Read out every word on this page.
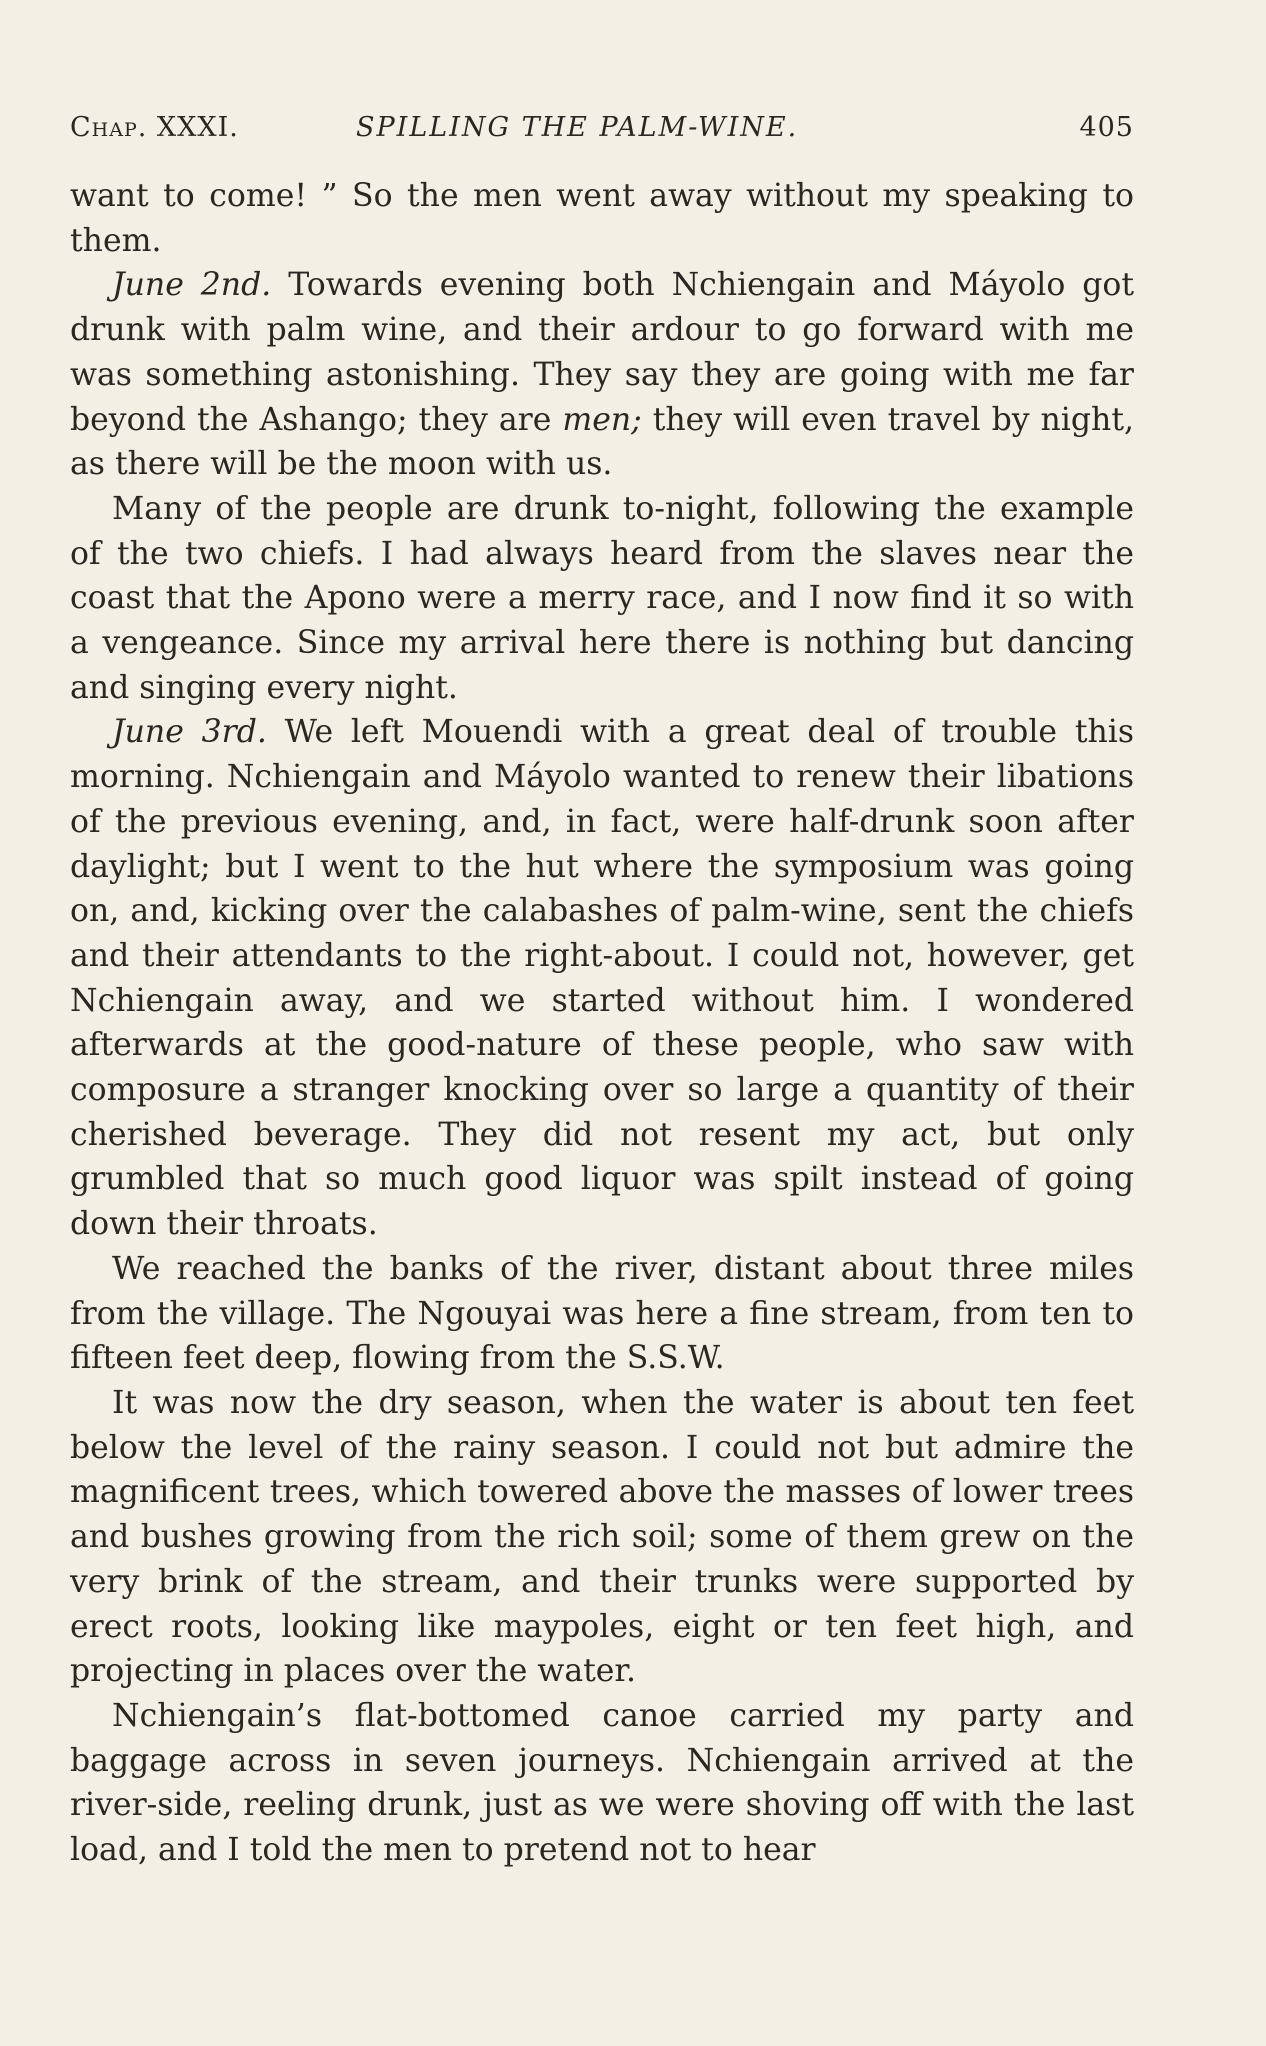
Chap. XXXI.	SPILLING THE PALM-WINE.	405

want to come! ” So the men went away without my speaking to them.

June 2nd. Towards evening both Nchiengain and Máyolo got drunk with palm wine, and their ardour to go forward with me was something astonishing. They say they are going with me far beyond the Ashango; they are men; they will even travel by night, as there will be the moon with us.

Many of the people are drunk to-night, following the example of the two chiefs. I had always heard from the slaves near the coast that the Apono were a merry race, and I now find it so with a vengeance. Since my arrival here there is nothing but dancing and singing every night.

June 3rd. We left Mouendi with a great deal of trouble this morning. Nchiengain and Máyolo wanted to renew their libations of the previous evening, and, in fact, were half-drunk soon after daylight; but I went to the hut where the symposium was going on, and, kicking over the calabashes of palm-wine, sent the chiefs and their attendants to the right-about. I could not, however, get Nchiengain away, and we started without him. I wondered afterwards at the good-nature of these people, who saw with composure a stranger knocking over so large a quantity of their cherished beverage. They did not resent my act, but only grumbled that so much good liquor was spilt instead of going down their throats.

We reached the banks of the river, distant about three miles from the village. The Ngouyai was here a fine stream, from ten to fifteen feet deep, flowing from the S.S.W.

It was now the dry season, when the water is about ten feet below the level of the rainy season. I could not but admire the magnificent trees, which towered above the masses of lower trees and bushes growing from the rich soil; some of them grew on the very brink of the stream, and their trunks were supported by erect roots, looking like maypoles, eight or ten feet high, and projecting in places over the water.

Nchiengain’s flat-bottomed canoe carried my party and baggage across in seven journeys. Nchiengain arrived at the river-side, reeling drunk, just as we were shoving off with the last load, and I told the men to pretend not to hear
